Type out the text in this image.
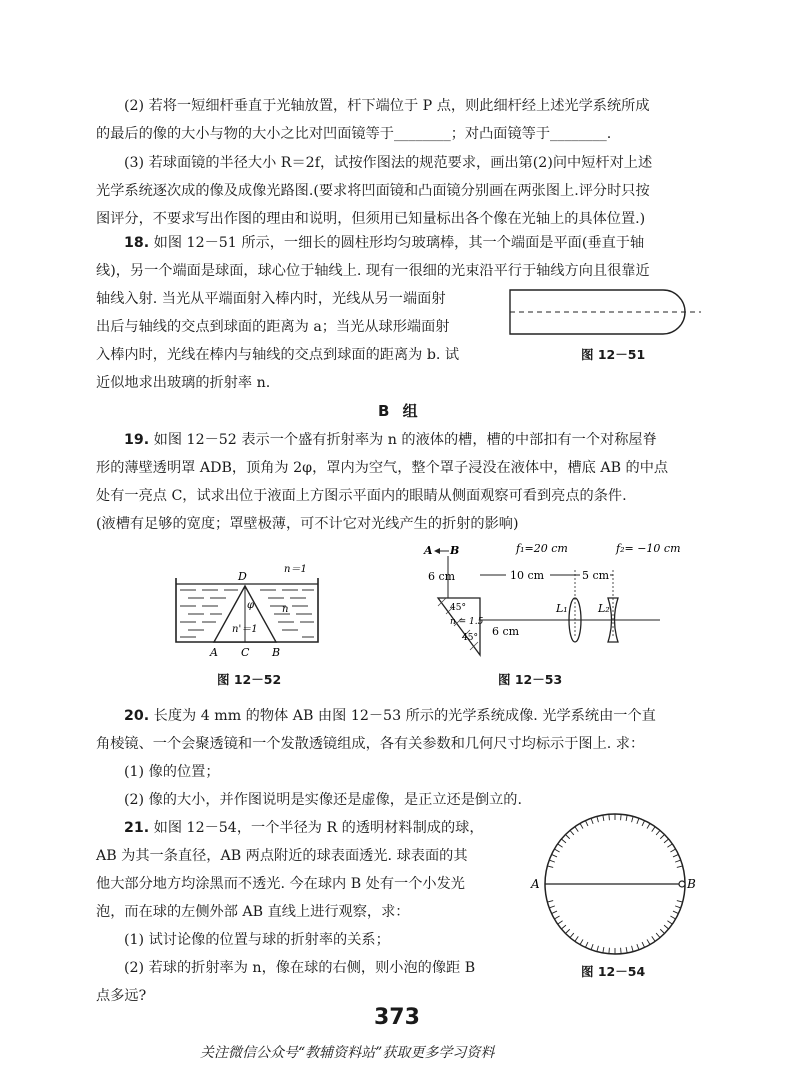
(2) 若将一短细杆垂直于光轴放置，杆下端位于 P 点，则此细杆经上述光学系统所成
的最后的像的大小与物的大小之比对凹面镜等于________；对凸面镜等于________.
(3) 若球面镜的半径大小 R＝2f，试按作图法的规范要求，画出第(2)问中短杆对上述
光学系统逐次成的像及成像光路图.(要求将凹面镜和凸面镜分别画在两张图上.评分时只按
图评分，不要求写出作图的理由和说明，但须用已知量标出各个像在光轴上的具体位置.)
18. 如图 12－51 所示，一细长的圆柱形均匀玻璃棒，其一个端面是平面(垂直于轴
线)，另一个端面是球面，球心位于轴线上. 现有一很细的光束沿平行于轴线方向且很靠近
轴线入射. 当光从平端面射入棒内时，光线从另一端面射
出后与轴线的交点到球面的距离为 a；当光从球形端面射
入棒内时，光线在棒内与轴线的交点到球面的距离为 b. 试
近似地求出玻璃的折射率 n.
图 12－51
B 组
19. 如图 12－52 表示一个盛有折射率为 n 的液体的槽，槽的中部扣有一个对称屋脊
形的薄壁透明罩 ADB，顶角为 2φ，罩内为空气，整个罩子浸没在液体中，槽底 AB 的中点
处有一亮点 C，试求出位于液面上方图示平面内的眼睛从侧面观察可看到亮点的条件.
(液槽有足够的宽度；罩壁极薄，可不计它对光线产生的折射的影响)
D
n＝1
φ	n
n'＝1
A C B
图 12－52
A B
6 cm
f₁=20 cm	f₂= −10 cm
10 cm	5 cm
45°
45°
n = 1.5
6 cm
L₁	L₂
图 12－53
20. 长度为 4 mm 的物体 AB 由图 12－53 所示的光学系统成像. 光学系统由一个直
角棱镜、一个会聚透镜和一个发散透镜组成，各有关参数和几何尺寸均标示于图上. 求：
(1) 像的位置；
(2) 像的大小，并作图说明是实像还是虚像，是正立还是倒立的.
21. 如图 12－54，一个半径为 R 的透明材料制成的球，
AB 为其一条直径，AB 两点附近的球表面透光. 球表面的其
他大部分地方均涂黑而不透光. 今在球内 B 处有一个小发光
泡，而在球的左侧外部 AB 直线上进行观察，求：
(1) 试讨论像的位置与球的折射率的关系；
(2) 若球的折射率为 n，像在球的右侧，则小泡的像距 B
点多远?
A	B
图 12－54
373
关注微信公众号“教辅资料站”获取更多学习资料
